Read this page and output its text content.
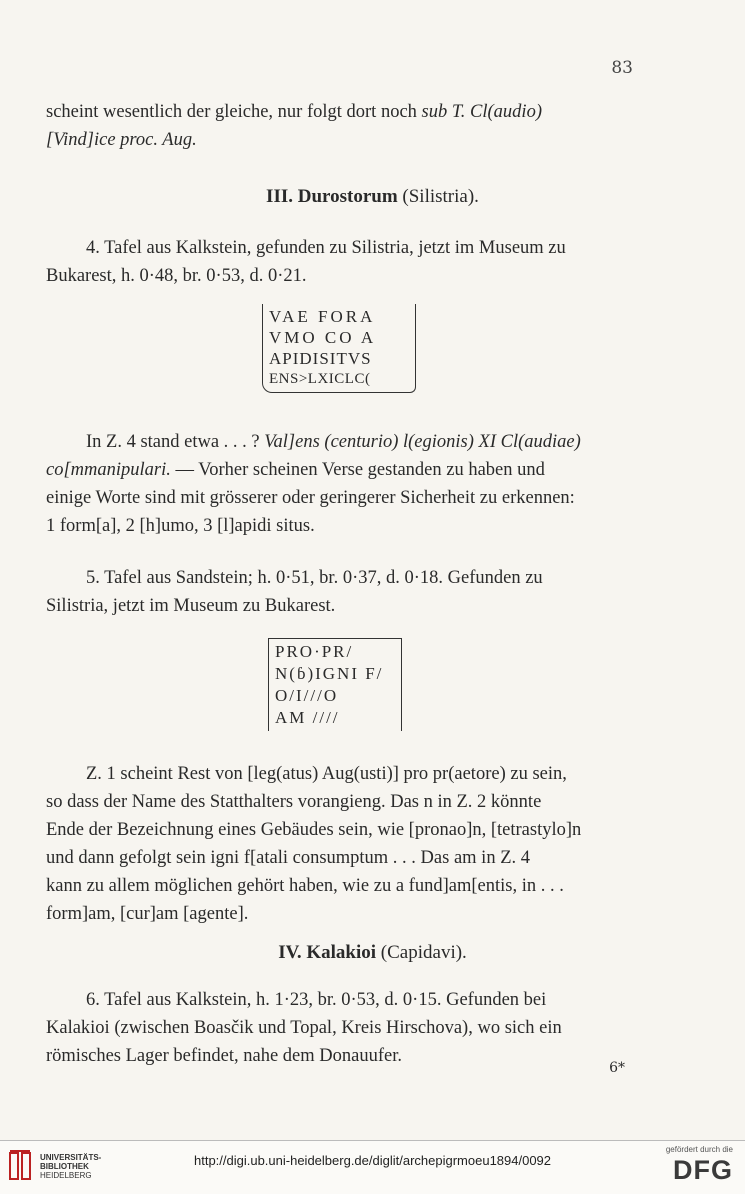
83
scheint wesentlich der gleiche, nur folgt dort noch sub T. Cl(audio)
[Vind]ice proc. Aug.
III. Durostorum (Silistria).
4. Tafel aus Kalkstein, gefunden zu Silistria, jetzt im Museum zu
Bukarest, h. 0·48, br. 0·53, d. 0·21.
VAE FORA
VMO CO A
APIDISITVS
ENS>LXICLC(
In Z. 4 stand etwa . . . ? Val]ens (centurio) l(egionis) XI Cl(audiae)
co[mmanipulari. — Vorher scheinen Verse gestanden zu haben und
einige Worte sind mit grösserer oder geringerer Sicherheit zu erkennen:
1 form[a], 2 [h]umo, 3 [l]apidi situs.
5. Tafel aus Sandstein; h. 0·51, br. 0·37, d. 0·18. Gefunden zu
Silistria, jetzt im Museum zu Bukarest.
PRO·PR/
N(ɓ)IGNI F/
O/I///O
AM ////
Z. 1 scheint Rest von [leg(atus) Aug(usti)] pro pr(aetore) zu sein,
so dass der Name des Statthalters vorangieng. Das n in Z. 2 könnte
Ende der Bezeichnung eines Gebäudes sein, wie [pronao]n, [tetrastylo]n
und dann gefolgt sein igni f[atali consumptum . . . Das am in Z. 4
kann zu allem möglichen gehört haben, wie zu a fund]am[entis, in . . .
form]am, [cur]am [agente].
IV. Kalakioi (Capidavi).
6. Tafel aus Kalkstein, h. 1·23, br. 0·53, d. 0·15. Gefunden bei
Kalakioi (zwischen Boasčik und Topal, Kreis Hirschova), wo sich ein
römisches Lager befindet, nahe dem Donauufer.
6*
UNIVERSITÄTS-
BIBLIOTHEK
HEIDELBERG
http://digi.ub.uni-heidelberg.de/diglit/archepigrmoeu1894/0092
gefördert durch die
DFG
